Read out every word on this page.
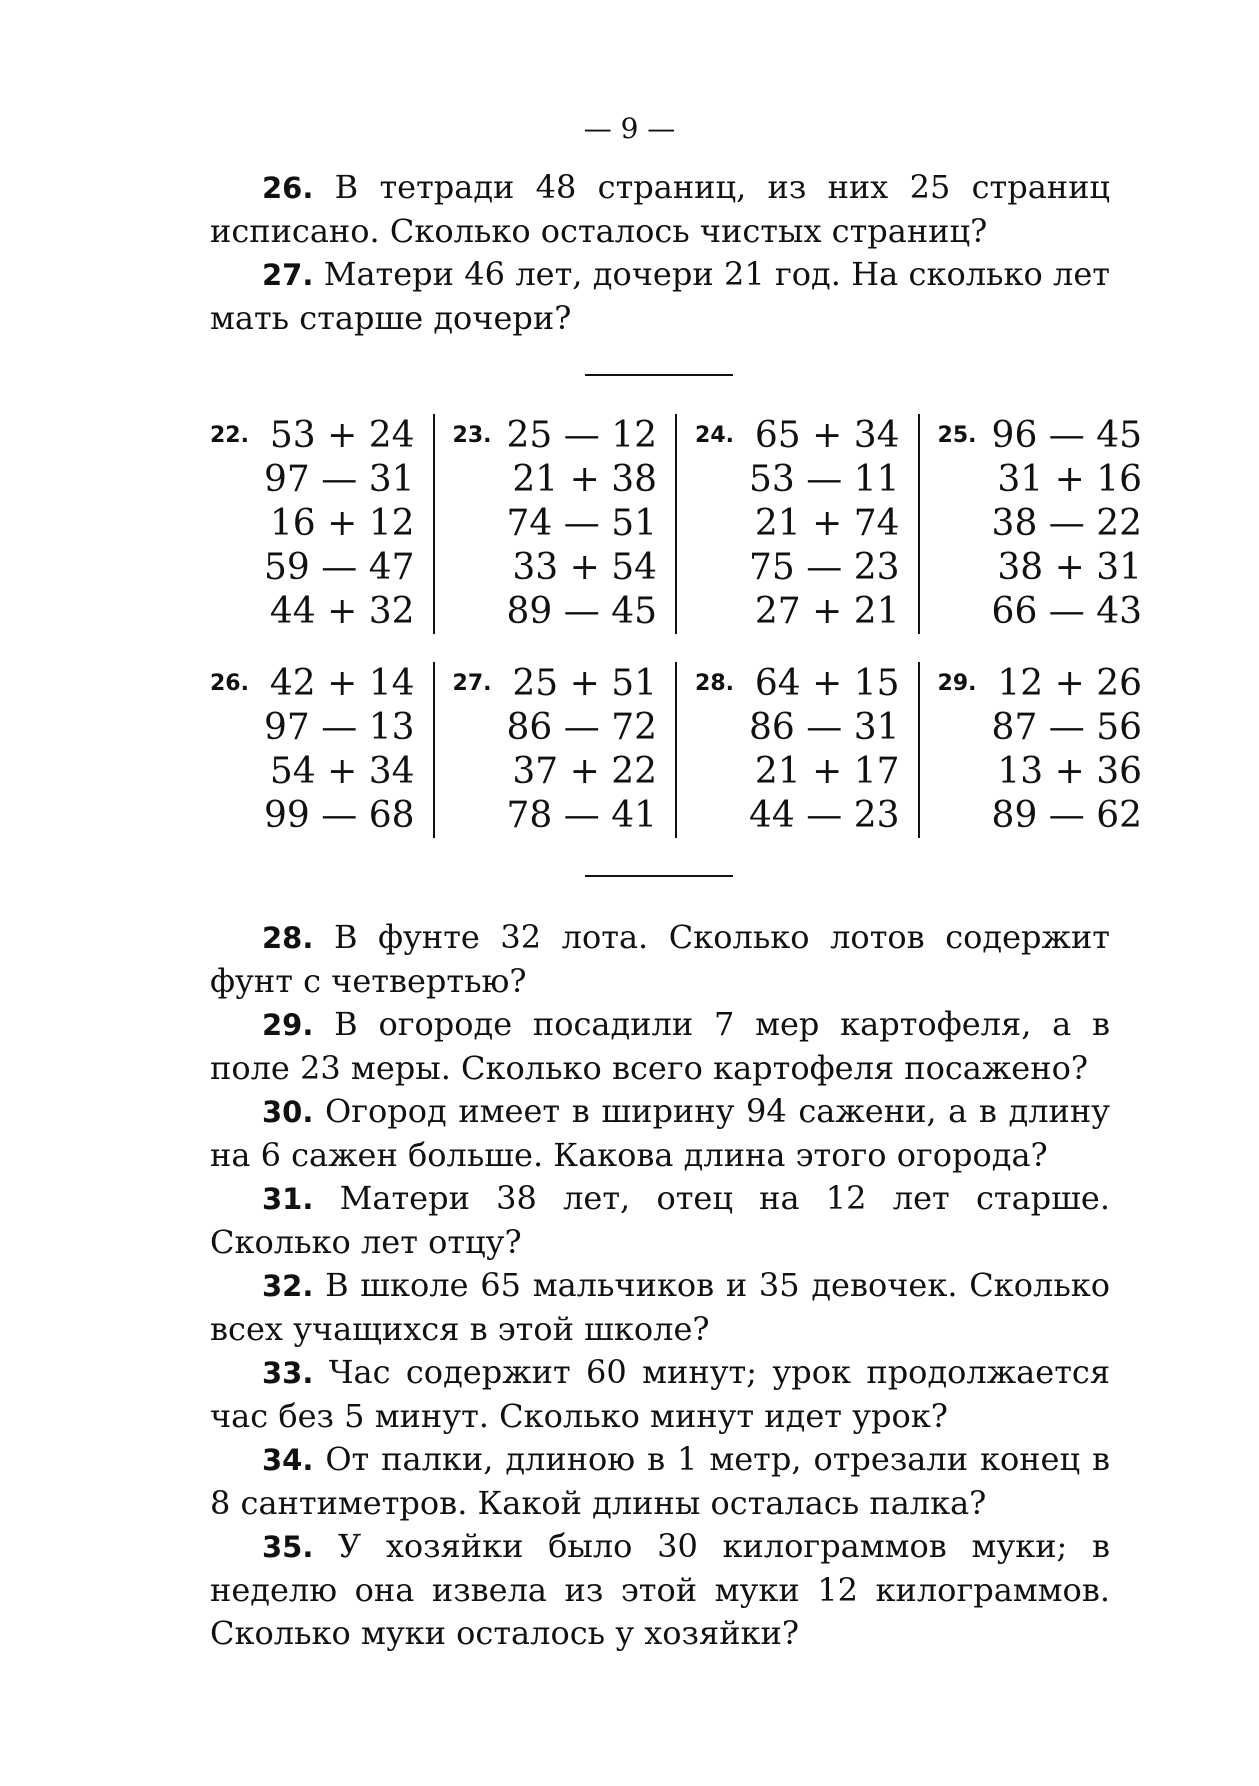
— 9 —

26. В тетради 48 страниц, из них 25 страниц исписано. Сколько осталось чистых страниц?

27. Матери 46 лет, дочери 21 год. На сколько лет мать старше дочери?

22. 53 + 24
97 — 31
16 + 12
59 — 47
44 + 32
23. 25 — 12
21 + 38
74 — 51
33 + 54
89 — 45
24. 65 + 34
53 — 11
21 + 74
75 — 23
27 + 21
25. 96 — 45
31 + 16
38 — 22
38 + 31
66 — 43
26. 42 + 14
97 — 13
54 + 34
99 — 68
27. 25 + 51
86 — 72
37 + 22
78 — 41
28. 64 + 15
86 — 31
21 + 17
44 — 23
29. 12 + 26
87 — 56
13 + 36
89 — 62

28. В фунте 32 лота. Сколько лотов содержит фунт с четвертью?

29. В огороде посадили 7 мер картофеля, а в поле 23 меры. Сколько всего картофеля посажено?

30. Огород имеет в ширину 94 сажени, а в длину на 6 сажен больше. Какова длина этого огорода?

31. Матери 38 лет, отец на 12 лет старше. Сколько лет отцу?

32. В школе 65 мальчиков и 35 девочек. Сколько всех учащихся в этой школе?

33. Час содержит 60 минут; урок продолжается час без 5 минут. Сколько минут идет урок?

34. От палки, длиною в 1 метр, отрезали конец в 8 сантиметров. Какой длины осталась палка?

35. У хозяйки было 30 килограммов муки; в неделю она извела из этой муки 12 килограммов. Сколько муки осталось у хозяйки?
